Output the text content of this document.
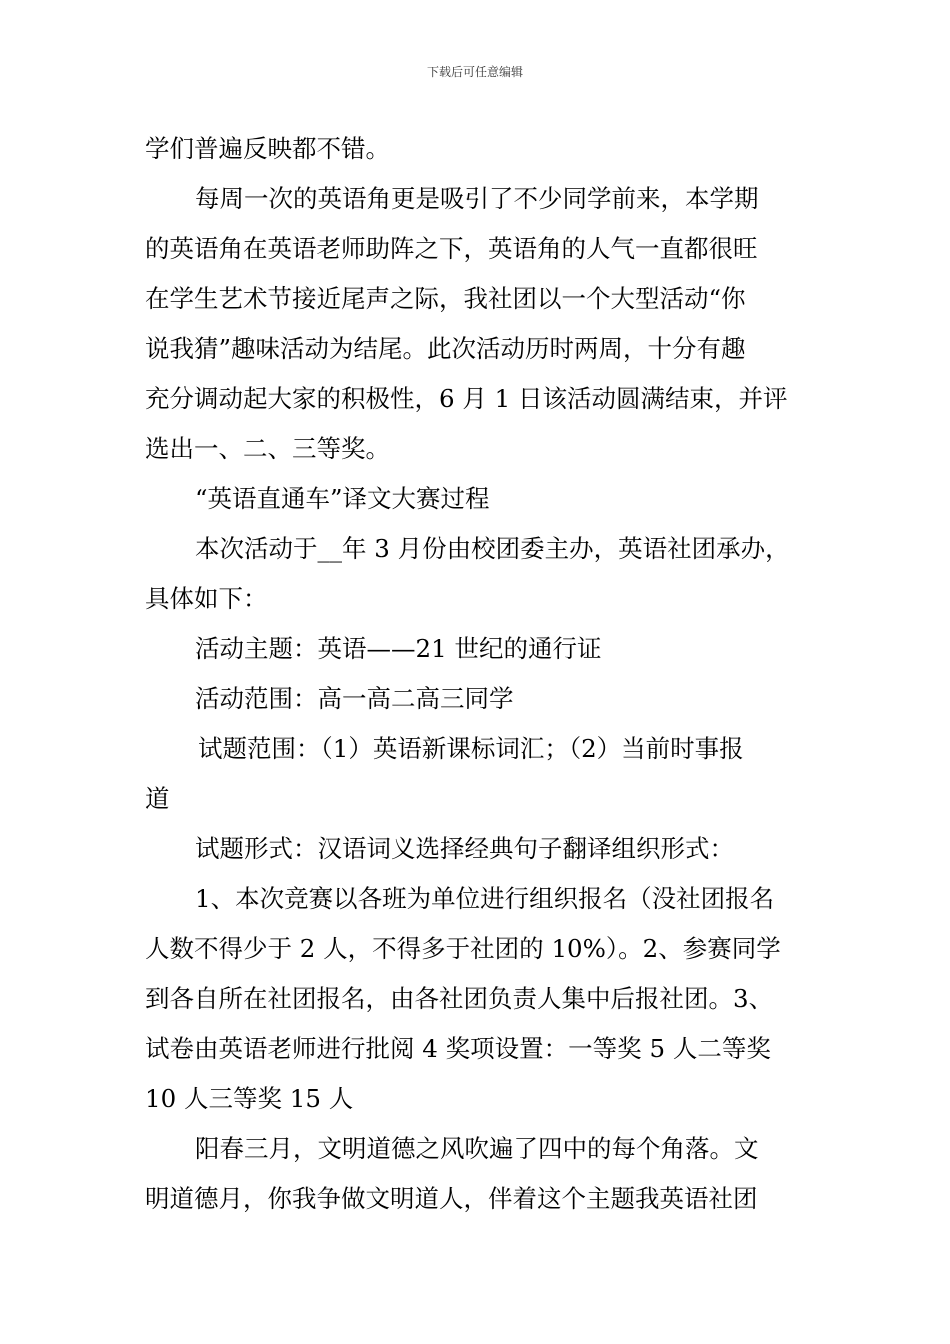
下载后可任意编辑
学们普遍反映都不错。
每周一次的英语角更是吸引了不少同学前来，本学期
的英语角在英语老师助阵之下，英语角的人气一直都很旺
在学生艺术节接近尾声之际，我社团以一个大型活动“你
说我猜”趣味活动为结尾。此次活动历时两周，十分有趣
充分调动起大家的积极性，6 月 1 日该活动圆满结束，并评
选出一、二、三等奖。
“英语直通车”译文大赛过程
本次活动于__年 3 月份由校团委主办，英语社团承办，
具体如下：
活动主题：英语——21 世纪的通行证
活动范围：高一高二高三同学
试题范围：（1）英语新课标词汇；（2）当前时事报
道
试题形式：汉语词义选择经典句子翻译组织形式：
1、本次竞赛以各班为单位进行组织报名（没社团报名
人数不得少于 2 人，不得多于社团的 10%）。2、参赛同学
到各自所在社团报名，由各社团负责人集中后报社团。3、
试卷由英语老师进行批阅 4 奖项设置：一等奖 5 人二等奖
10 人三等奖 15 人
阳春三月，文明道德之风吹遍了四中的每个角落。文
明道德月，你我争做文明道人，伴着这个主题我英语社团
